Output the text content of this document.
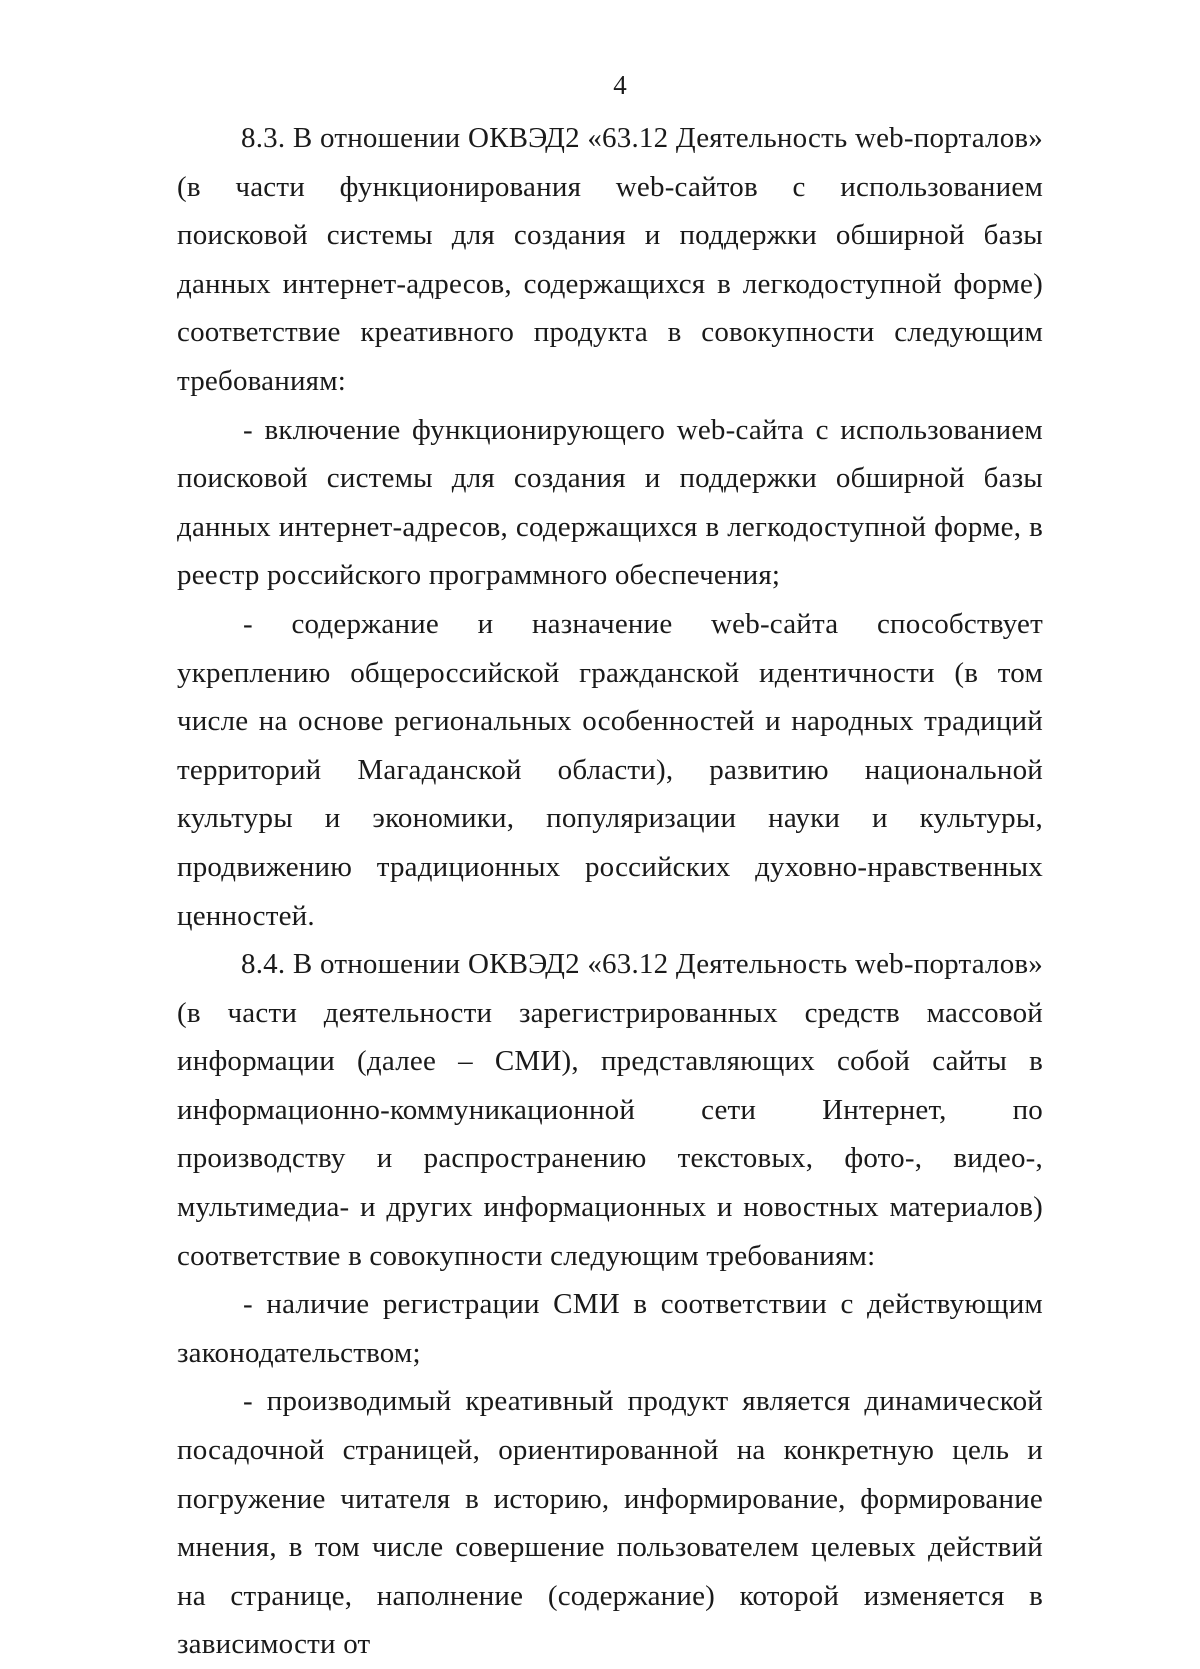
4

8.3. В отношении ОКВЭД2 «63.12 Деятельность web-порталов» (в части функционирования web-сайтов с использованием поисковой системы для создания и поддержки обширной базы данных интернет-адресов, содержащихся в легкодоступной форме) соответствие креативного продукта в совокупности следующим требованиям:

- включение функционирующего web-сайта с использованием поисковой системы для создания и поддержки обширной базы данных интернет-адресов, содержащихся в легкодоступной форме, в реестр российского программного обеспечения;

- содержание и назначение web-сайта способствует укреплению общероссийской гражданской идентичности (в том числе на основе региональных особенностей и народных традиций территорий Магаданской области), развитию национальной культуры и экономики, популяризации науки и культуры, продвижению традиционных российских духовно-нравственных ценностей.

8.4. В отношении ОКВЭД2 «63.12 Деятельность web-порталов» (в части деятельности зарегистрированных средств массовой информации (далее – СМИ), представляющих собой сайты в информационно-коммуникационной сети Интернет, по производству и распространению текстовых, фото-, видео-, мультимедиа- и других информационных и новостных материалов) соответствие в совокупности следующим требованиям:

- наличие регистрации СМИ в соответствии с действующим законодательством;

- производимый креативный продукт является динамической посадочной страницей, ориентированной на конкретную цель и погружение читателя в историю, информирование, формирование мнения, в том числе совершение пользователем целевых действий на странице, наполнение (содержание) которой изменяется в зависимости от
